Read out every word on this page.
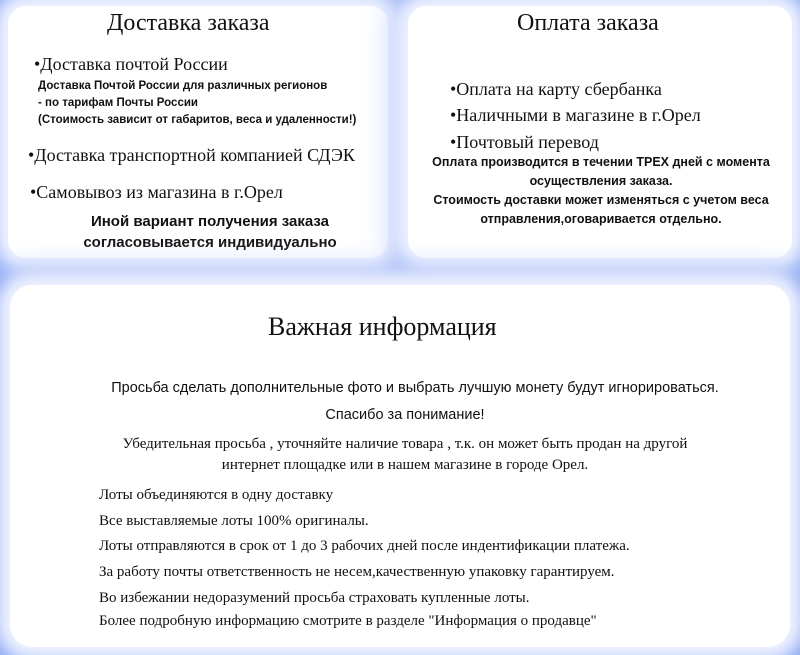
Доставка заказа
•Доставка почтой России
Доставка Почтой России для различных регионов
- по тарифам Почты России
(Стоимость зависит от габаритов, веса и удаленности!)
•Доставка транспортной компанией СДЭК
•Самовывоз из магазина в г.Орел
Иной вариант получения заказа
согласовывается индивидуально
Оплата заказа
•Оплата на карту сбербанка
•Наличными в магазине в г.Орел
•Почтовый перевод
Оплата производится в течении ТРЕХ дней с момента
осуществления заказа.
Стоимость доставки может изменяться с учетом веса
отправления,оговаривается отдельно.
Важная информация
Просьба сделать дополнительные фото и выбрать лучшую монету будут игнорироваться.
Спасибо за понимание!
Убедительная просьба , уточняйте наличие товара , т.к. он может быть продан на другой
интернет площадке или в нашем магазине в городе Орел.
Лоты объединяются в одну доставку
Все выставляемые лоты 100% оригиналы.
Лоты отправляются в срок от 1 до 3 рабочих дней после индентификации платежа.
За работу почты ответственность не несем,качественную упаковку гарантируем.
Во избежании недоразумений просьба страховать купленные лоты.
Более подробную информацию смотрите в разделе "Информация о продавце"
